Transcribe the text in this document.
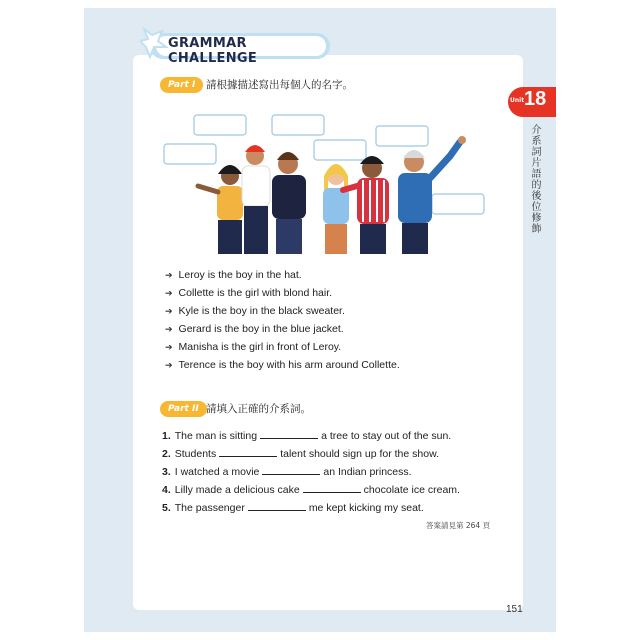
GRAMMAR CHALLENGE
Part I	請根據描述寫出每個人的名字。
Unit 18
介系詞片語的後位修飾
➔ Leroy is the boy in the hat.
➔ Collette is the girl with blond hair.
➔ Kyle is the boy in the black sweater.
➔ Gerard is the boy in the blue jacket.
➔ Manisha is the girl in front of Leroy.
➔ Terence is the boy with his arm around Collette.
Part II 請填入正確的介系詞。
1. The man is sitting	a tree to stay out of the sun.
2. Students	talent should sign up for the show.
3. I watched a movie	an Indian princess.
4. Lilly made a delicious cake	chocolate ice cream.
5. The passenger	me kept kicking my seat.
答案請見第 264 頁
151
